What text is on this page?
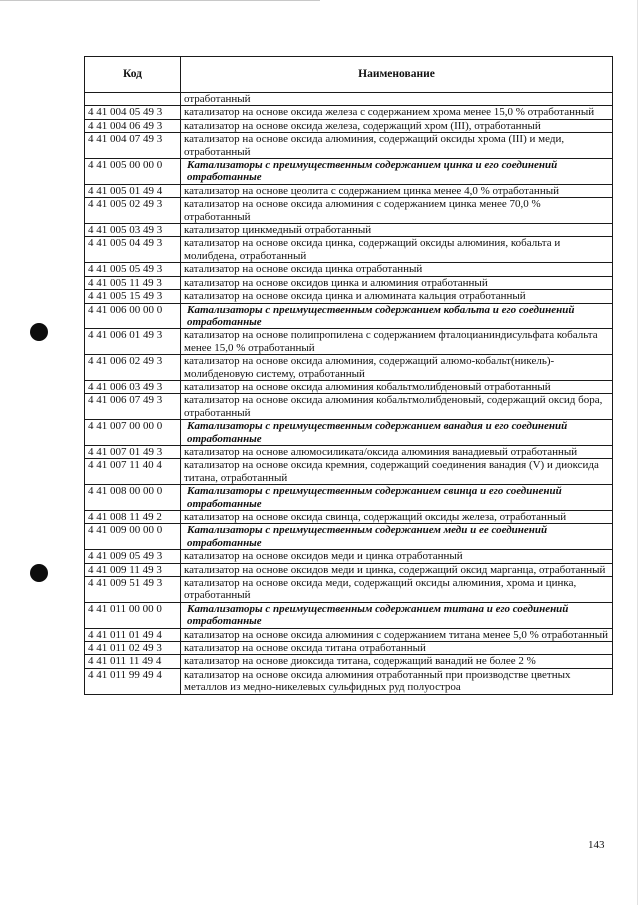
Код	Наименование
	отработанный
4 41 004 05 49 3	катализатор на основе оксида железа с содержанием хрома менее 15,0 % отработанный
4 41 004 06 49 3	катализатор на основе оксида железа, содержащий хром (III), отработанный
4 41 004 07 49 3	катализатор на основе оксида алюминия, содержащий оксиды хрома (III) и меди, отработанный
4 41 005 00 00 0	Катализаторы с преимущественным содержанием цинка и его соединений отработанные
4 41 005 01 49 4	катализатор на основе цеолита с содержанием цинка менее 4,0 % отработанный
4 41 005 02 49 3	катализатор на основе оксида алюминия с содержанием цинка менее 70,0 % отработанный
4 41 005 03 49 3	катализатор цинкмедный отработанный
4 41 005 04 49 3	катализатор на основе оксида цинка, содержащий оксиды алюминия, кобальта и молибдена, отработанный
4 41 005 05 49 3	катализатор на основе оксида цинка отработанный
4 41 005 11 49 3	катализатор на основе оксидов цинка и алюминия отработанный
4 41 005 15 49 3	катализатор на основе оксида цинка и алюмината кальция отработанный
4 41 006 00 00 0	Катализаторы с преимущественным содержанием кобальта и его соединений отработанные
4 41 006 01 49 3	катализатор на основе полипропилена с содержанием фталоцианиндисульфата кобальта менее 15,0 % отработанный
4 41 006 02 49 3	катализатор на основе оксида алюминия, содержащий алюмо-кобальт(никель)-молибденовую систему, отработанный
4 41 006 03 49 3	катализатор на основе оксида алюминия кобальтмолибденовый отработанный
4 41 006 07 49 3	катализатор на основе оксида алюминия кобальтмолибденовый, содержащий оксид бора, отработанный
4 41 007 00 00 0	Катализаторы с преимущественным содержанием ванадия и его соединений отработанные
4 41 007 01 49 3	катализатор на основе алюмосиликата/оксида алюминия ванадиевый отработанный
4 41 007 11 40 4	катализатор на основе оксида кремния, содержащий соединения ванадия (V) и диоксида титана, отработанный
4 41 008 00 00 0	Катализаторы с преимущественным содержанием свинца и его соединений отработанные
4 41 008 11 49 2	катализатор на основе оксида свинца, содержащий оксиды железа, отработанный
4 41 009 00 00 0	Катализаторы с преимущественным содержанием меди и ее соединений отработанные
4 41 009 05 49 3	катализатор на основе оксидов меди и цинка отработанный
4 41 009 11 49 3	катализатор на основе оксидов меди и цинка, содержащий оксид марганца, отработанный
4 41 009 51 49 3	катализатор на основе оксида меди, содержащий оксиды алюминия, хрома и цинка, отработанный
4 41 011 00 00 0	Катализаторы с преимущественным содержанием титана и его соединений отработанные
4 41 011 01 49 4	катализатор на основе оксида алюминия с содержанием титана менее 5,0 % отработанный
4 41 011 02 49 3	катализатор на основе оксида титана отработанный
4 41 011 11 49 4	катализатор на основе диоксида титана, содержащий ванадий не более 2 %
4 41 011 99 49 4	катализатор на основе оксида алюминия отработанный при производстве цветных металлов из медно-никелевых сульфидных руд полуостроа
143
